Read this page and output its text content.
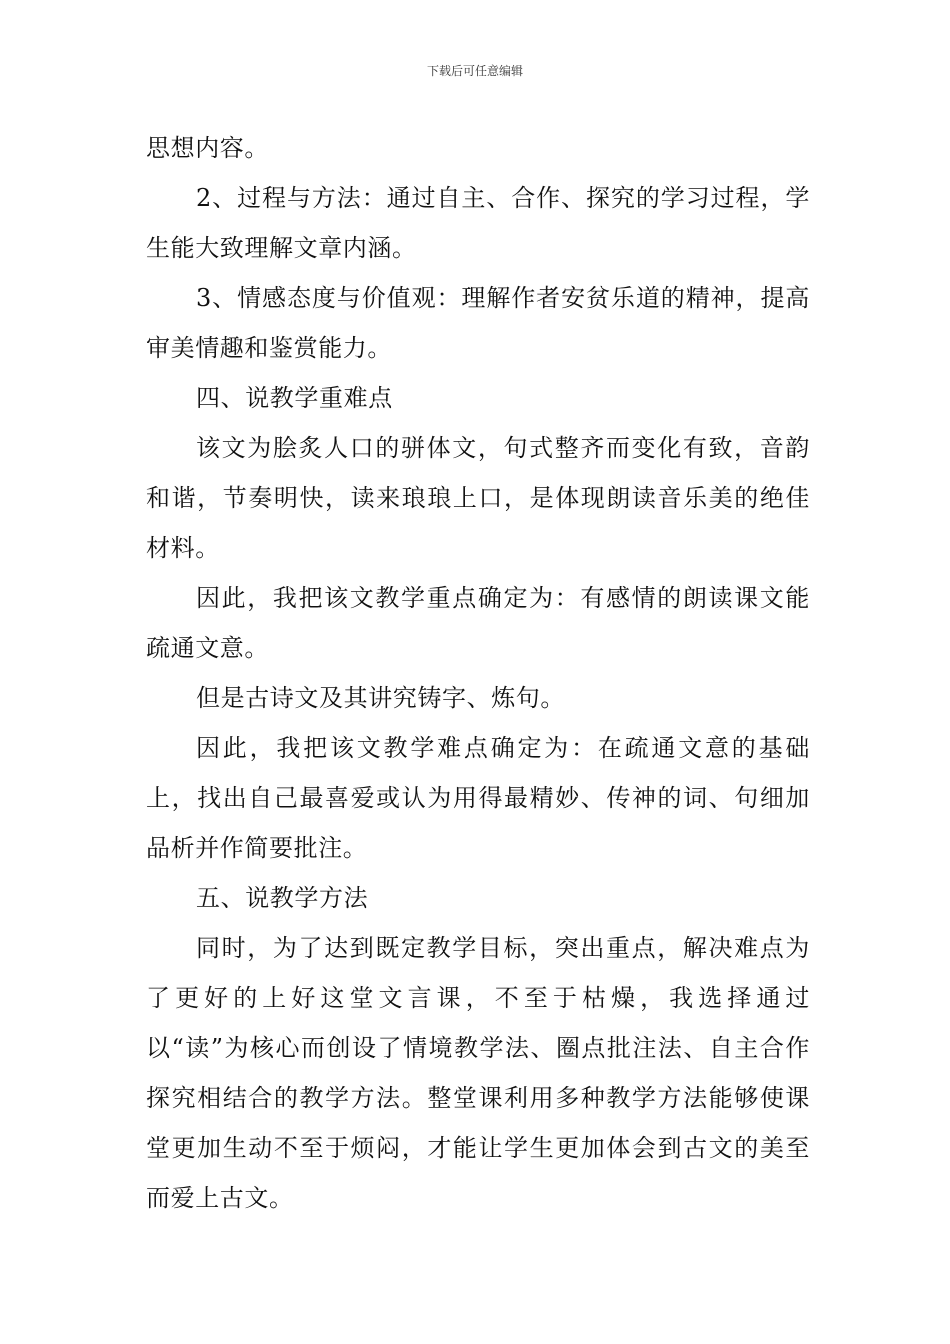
下载后可任意编辑

思想内容。

2、过程与方法：通过自主、合作、探究的学习过程，学生能大致理解文章内涵。

3、情感态度与价值观：理解作者安贫乐道的精神，提高审美情趣和鉴赏能力。

四、说教学重难点

该文为脍炙人口的骈体文，句式整齐而变化有致，音韵和谐，节奏明快，读来琅琅上口，是体现朗读音乐美的绝佳材料。

因此，我把该文教学重点确定为：有感情的朗读课文能疏通文意。

但是古诗文及其讲究铸字、炼句。

因此，我把该文教学难点确定为：在疏通文意的基础上，找出自己最喜爱或认为用得最精妙、传神的词、句细加品析并作简要批注。

五、说教学方法

同时，为了达到既定教学目标，突出重点，解决难点为了更好的上好这堂文言课，不至于枯燥，我选择通过以“读”为核心而创设了情境教学法、圈点批注法、自主合作探究相结合的教学方法。整堂课利用多种教学方法能够使课堂更加生动不至于烦闷，才能让学生更加体会到古文的美至而爱上古文。
